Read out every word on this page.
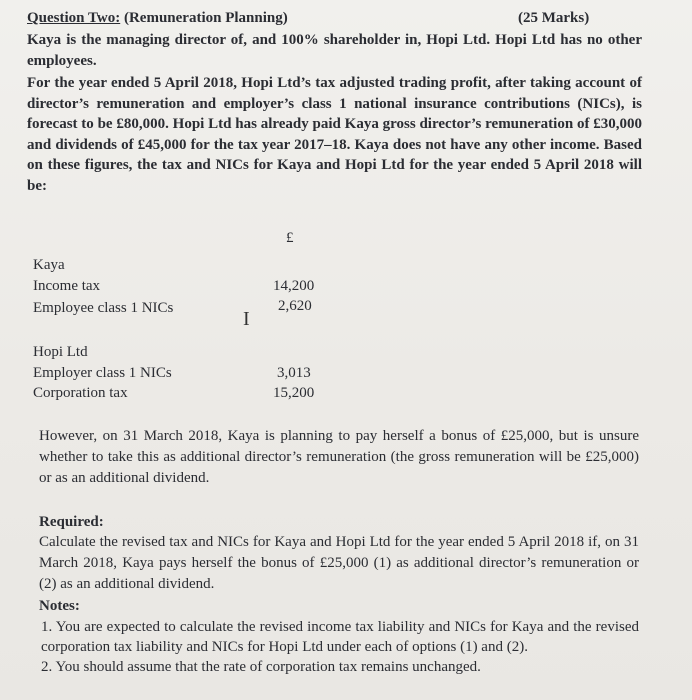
Question Two: (Remuneration Planning)	(25 Marks)
Kaya is the managing director of, and 100% shareholder in, Hopi Ltd. Hopi Ltd has no other employees.
For the year ended 5 April 2018, Hopi Ltd’s tax adjusted trading profit, after taking account of director’s remuneration and employer’s class 1 national insurance contributions (NICs), is forecast to be £80,000. Hopi Ltd has already paid Kaya gross director’s remuneration of £30,000 and dividends of £45,000 for the tax year 2017–18. Kaya does not have any other income. Based on these figures, the tax and NICs for Kaya and Hopi Ltd for the year ended 5 April 2018 will be:
£
Kaya
Income tax	14,200
Employee class 1 NICs	2,620
I
Hopi Ltd
Employer class 1 NICs	3,013
Corporation tax	15,200
However, on 31 March 2018, Kaya is planning to pay herself a bonus of £25,000, but is unsure whether to take this as additional director’s remuneration (the gross remuneration will be £25,000) or as an additional dividend.
Required:
Calculate the revised tax and NICs for Kaya and Hopi Ltd for the year ended 5 April 2018 if, on 31 March 2018, Kaya pays herself the bonus of £25,000 (1) as additional director’s remuneration or (2) as an additional dividend.
Notes:
1. You are expected to calculate the revised income tax liability and NICs for Kaya and the revised corporation tax liability and NICs for Hopi Ltd under each of options (1) and (2).
2. You should assume that the rate of corporation tax remains unchanged.
